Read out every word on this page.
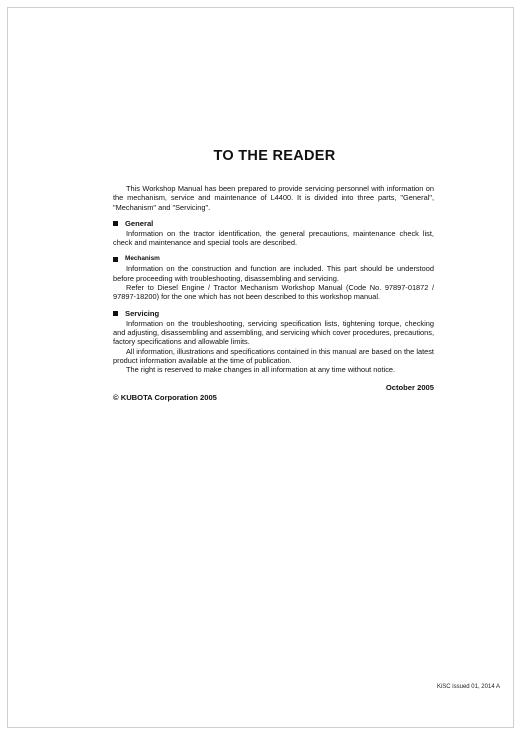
TO THE READER

This Workshop Manual has been prepared to provide servicing personnel with information on the mechanism, service and maintenance of L4400. It is divided into three parts, "General", "Mechanism" and "Servicing".

General

Information on the tractor identification, the general precautions, maintenance check list, check and maintenance and special tools are described.

Mechanism

Information on the construction and function are included. This part should be understood before proceeding with troubleshooting, disassembling and servicing.

Refer to Diesel Engine / Tractor Mechanism Workshop Manual (Code No. 97897-01872 / 97897-18200) for the one which has not been described to this workshop manual.

Servicing

Information on the troubleshooting, servicing specification lists, tightening torque, checking and adjusting, disassembling and assembling, and servicing which cover procedures, precautions, factory specifications and allowable limits.

All information, illustrations and specifications contained in this manual are based on the latest product information available at the time of publication.

The right is reserved to make changes in all information at any time without notice.

October 2005
© KUBOTA Corporation 2005
KiSC issued 01, 2014 A
